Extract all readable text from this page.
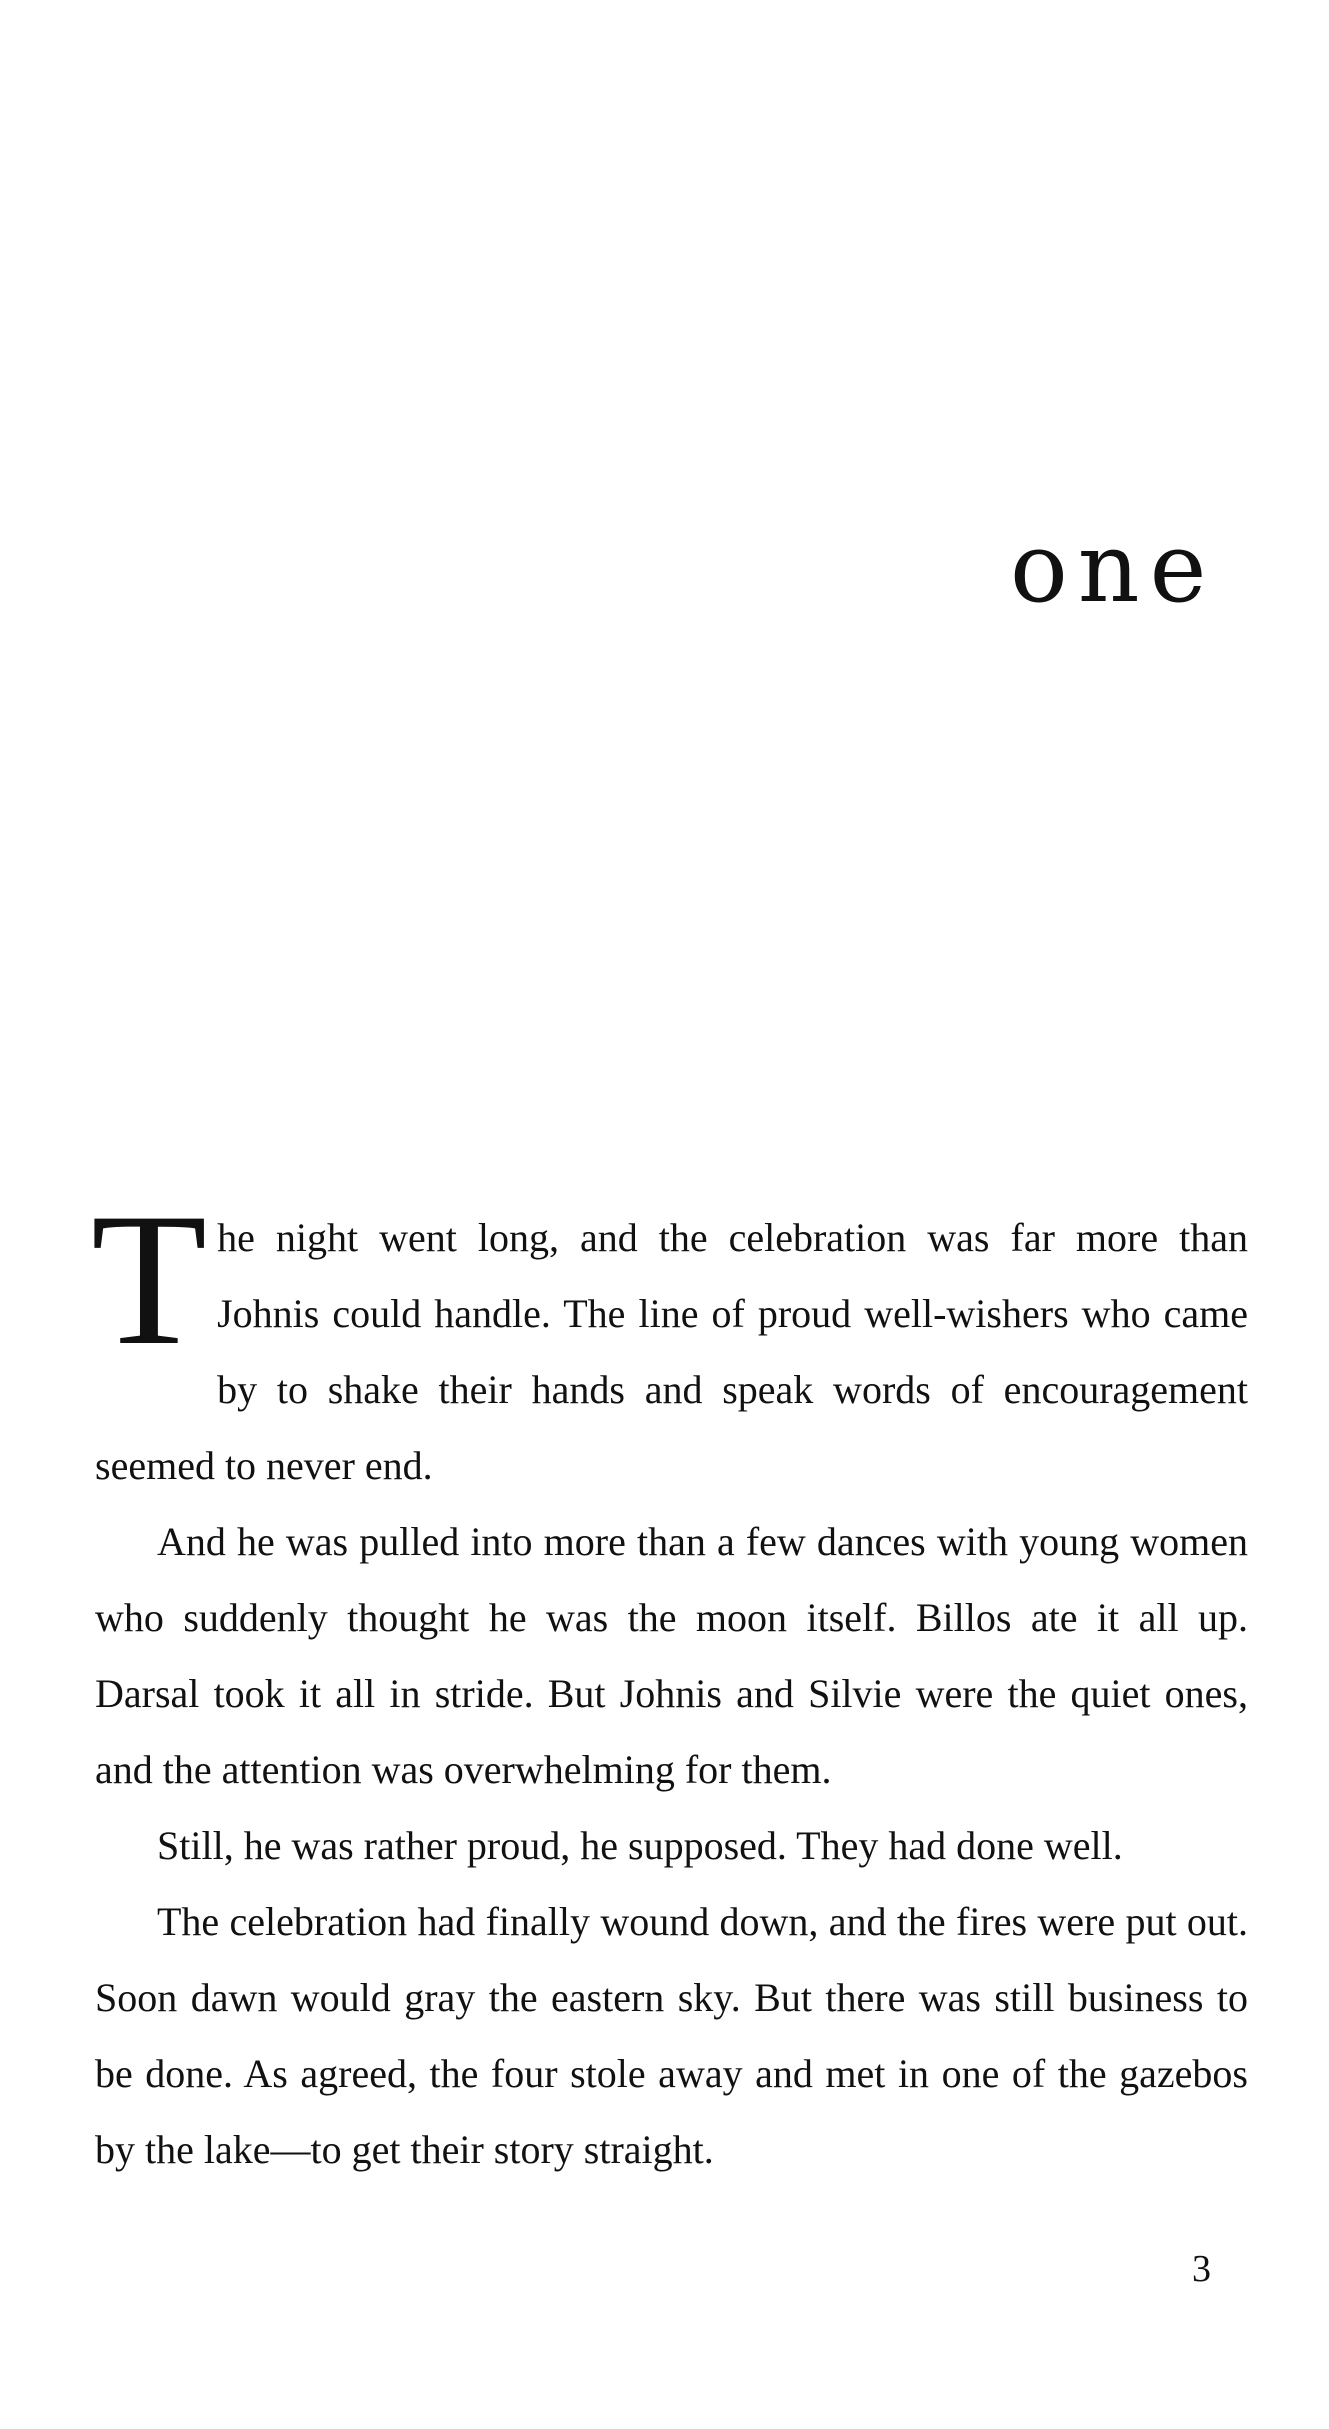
one

The night went long, and the celebration was far more than Johnis could handle. The line of proud well-wishers who came by to shake their hands and speak words of encouragement seemed to never end.

And he was pulled into more than a few dances with young women who suddenly thought he was the moon itself. Billos ate it all up. Darsal took it all in stride. But Johnis and Silvie were the quiet ones, and the attention was overwhelming for them.

Still, he was rather proud, he supposed. They had done well.

The celebration had finally wound down, and the fires were put out. Soon dawn would gray the eastern sky. But there was still business to be done. As agreed, the four stole away and met in one of the gazebos by the lake—to get their story straight.

3
